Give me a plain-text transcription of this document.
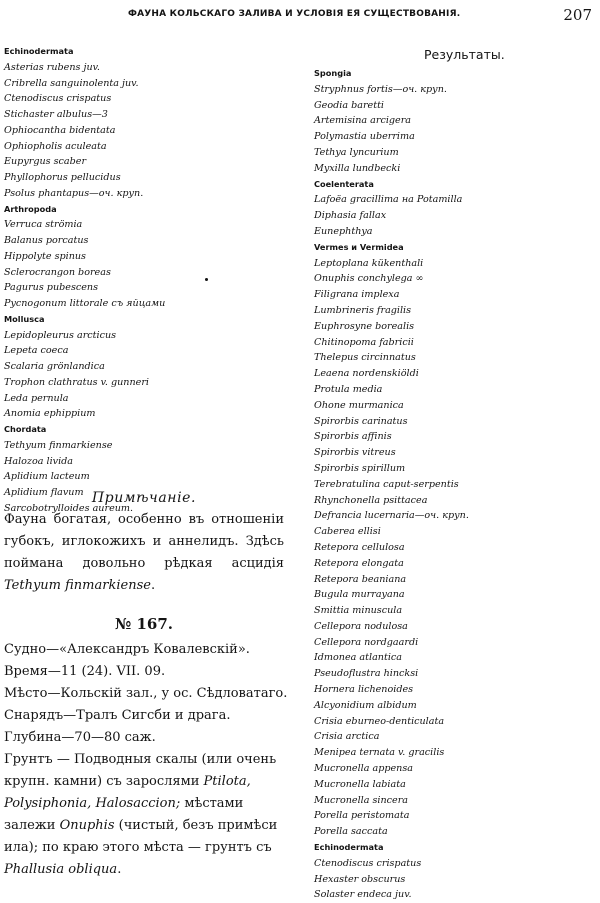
ФАУНА КОЛЬСКАГО ЗАЛИВА И УСЛОВІЯ ЕЯ СУЩЕСТВОВАНІЯ.	207
Echinodermata
Asterias rubens juv.
Cribrella sanguinolenta juv.
Ctenodiscus crispatus
Stichaster albulus—3
Ophiocantha bidentata
Ophiopholis aculeata
Eupyrgus scaber
Phyllophorus pellucidus
Psolus phantapus—оч. круп.
Arthropoda
Verruca strömia
Balanus porcatus
Hippolyte spinus
Sclerocrangon boreas
Pagurus pubescens
Pycnogonum littorale съ яйцами
Mollusca
Lepidopleurus arcticus
Lepeta coeca
Scalaria grönlandica
Trophon clathratus v. gunneri
Leda pernula
Anomia ephippium
Chordata
Tethyum finmarkiense
Halozoa livida
Aplidium lacteum
Aplidium flavum
Sarcobotrylloides aureum.
Примѣчаніе.

Фауна богатая, особенно въ отношеніи губокъ, иглокожихъ и аннелидъ. Здѣсь поймана довольно рѣдкая асцидія Tethyum finmarkiense.

№ 167.
Судно—«Александръ Ковалевскій».
Время—11 (24). VII. 09.
Мѣсто—Кольскій зал., у ос. Сѣдловатаго.
Снарядъ—Тралъ Сигсби и драга.
Глубина—70—80 саж.

Грунтъ — Подводныя скалы (или очень крупн. камни) съ зарослями Ptilota, Polysiphonia, Halosaccion; мѣстами залежи Onuphis (чистый, безъ примѣси ила); по краю этого мѣста — грунтъ съ Phallusia obliqua.

Результаты.
Spongia
Stryphnus fortis—оч. круп.
Geodia baretti
Artemisina arcigera
Polymastia uberrima
Tethya lyncurium
Myxilla lundbecki
Coelenterata
Lafoëa gracillima на Potamilla
Diphasia fallax
Eunephthya
Vermes и Vermidea
Leptoplana kükenthali
Onuphis conchylega ∞
Filigrana implexa
Lumbrineris fragilis
Euphrosyne borealis
Chitinopoma fabricii
Thelepus circinnatus
Leaena nordenskiöldi
Protula media
Ohone murmanica
Spirorbis carinatus
Spirorbis affinis
Spirorbis vitreus
Spirorbis spirillum
Terebratulina caput-serpentis
Rhynchonella psittacea
Defrancia lucernaria—оч. круп.
Caberea ellisi
Retepora cellulosa
Retepora elongata
Retepora beaniana
Bugula murrayana
Smittia minuscula
Cellepora nodulosa
Cellepora nordgaardi
Idmonea atlantica
Pseudoflustra hincksi
Hornera lichenoides
Alcyonidium albidum
Crisia eburneo-denticulata
Crisia arctica
Menipea ternata v. gracilis
Mucronella appensa
Mucronella labiata
Mucronella sincera
Porella peristomata
Porella saccata
Echinodermata
Ctenodiscus crispatus
Hexaster obscurus
Solaster endeса juv.
